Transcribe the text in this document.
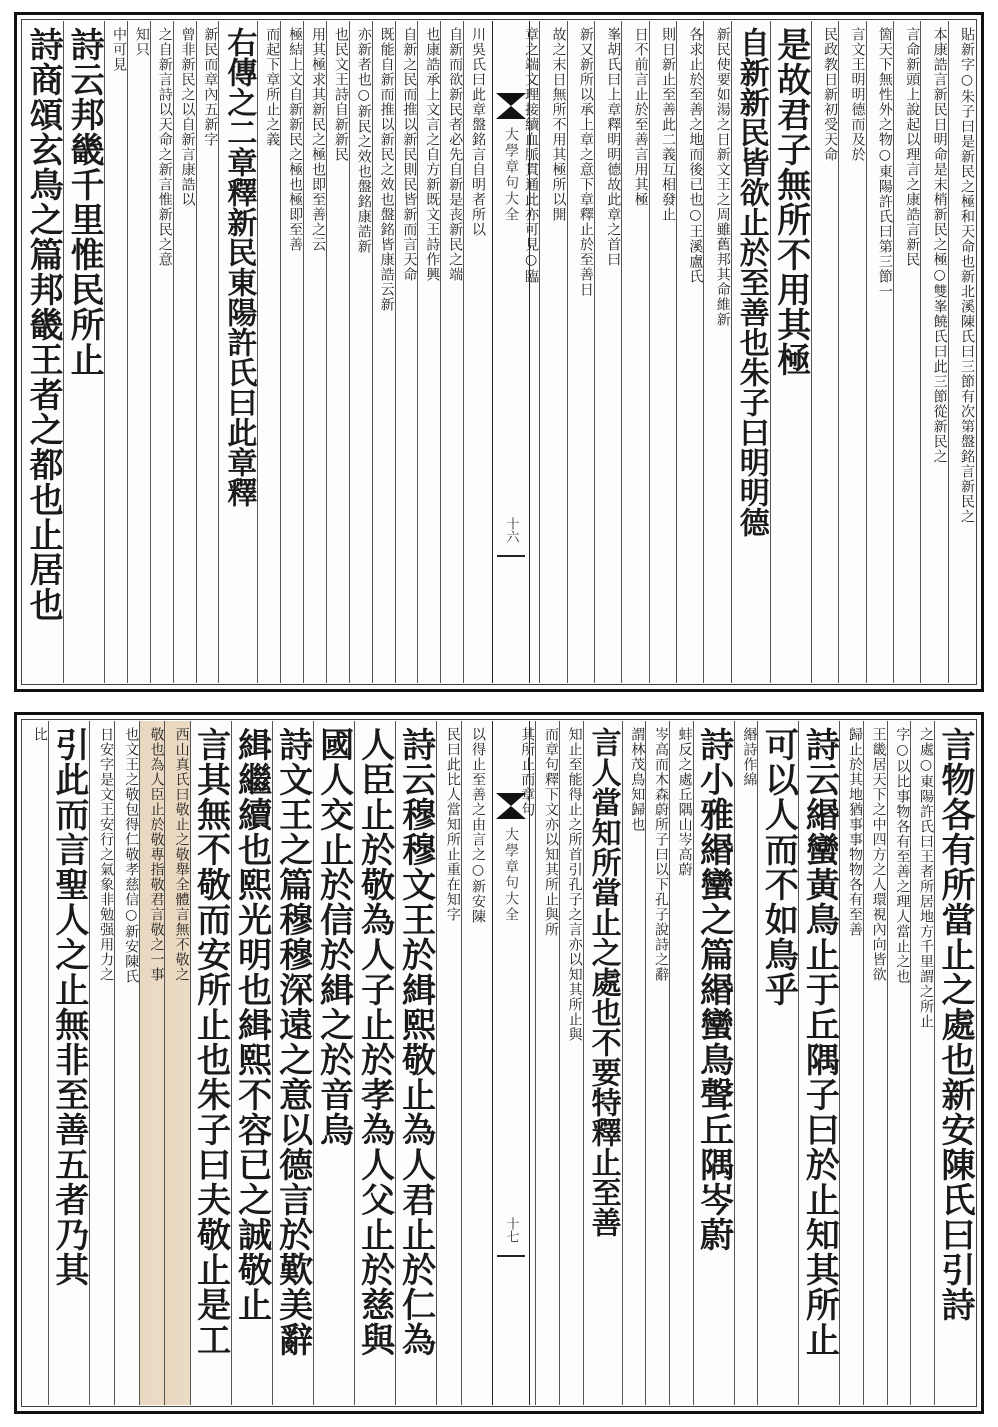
貼新字○朱子曰是新民之極和天命也新北溪陳氏曰三節有次第盤銘言新民之
本康誥言新民日明命是末梢新民之極○雙峯饒氏曰此三節從新民之
言命新頭上說起以理言之康誥言新民
箇天下無性外之物○東陽許氏曰第三節一
言文王明明德而及於
民政教日新初受天命
是故君子無所不用其極
自新新民皆欲止於至善也朱子曰明明德
新民使要如湯之日新文王之周雖舊邦其命維新
各求止於至善之地而後已也○王溪盧氏
則日新止至善此二義互相發止
日不前言止於至善言用其極
峯胡氏曰上章釋明明德故此章之首曰
新又新所以承上章之意下章釋止於至善日
故之末日無所不用其極所以開
章之端文理接續血脈貫通此亦可見○臨
大學章句大全
十六
川吳氏曰此章盤銘言自明者所以
自新而欲新民者必先自新是丧新民之端
也康誥承上文言之自方新既文王詩作興
自新之民而推以新民則民皆新而言天命
既能自新而推以新民之效也盤銘皆康誥云新
亦新者也○新民之效也盤銘康誥新
也民文王詩自新新民
用其極求其新民之極也即至善之云
極結上文自新新民之極也極即至善
而起下章所止之義
右傳之二章釋新民東陽許氏曰此章釋
新民而章內五新字
曾非新民之以自新言康誥以
之自新言詩以天命之新言惟新民之意
知只
中可見
詩云邦畿千里惟民所止
詩商頌玄鳥之篇邦畿王者之都也止居也
言物各有所當止之處也新安陳氏曰引詩
之處○東陽許氏曰王者所居地方千里謂之所止
字○以比事物各有至善之理人當止之也
王畿居天下之中四方之人環視內向皆欲
歸止於其地猶事事物物各有至善
詩云緡蠻黃鳥止于丘隅子曰於止知其所止
可以人而不如鳥乎
緡詩作綿
詩小雅緡蠻之篇緡蠻鳥聲丘隅岑蔚
蚌反之處丘隅山岑高蔚
岑高而木森蔚所子曰以下孔子說詩之辭
謂林茂鳥知歸也
言人當知所當止之處也不要特釋止至善
知止至能得止之所首引孔子之言亦以知其所止與
而章句釋下文亦以知其所止與所
其所止而章句
大學章句大全
十七
以得止至善之由言之○新安陳
民曰此比人當知所止重在知字
詩云穆穆文王於緝熙敬止為人君止於仁為
人臣止於敬為人子止於孝為人父止於慈與
國人交止於信於緝之於音烏
詩文王之篇穆穆深遠之意以德言於歎美辭
緝繼續也熙光明也緝熙不容已之誠敬止
言其無不敬而安所止也朱子曰夫敬止是工
西山真氏曰敬止之敬舉全體言無不敬之
敬也為人臣止於敬專指敬君言敬之一事
也文王之敬包得仁敬孝慈信○新安陳氏
日安字是文王安行之氣象非勉强用力之
引此而言聖人之止無非至善五者乃其
比
